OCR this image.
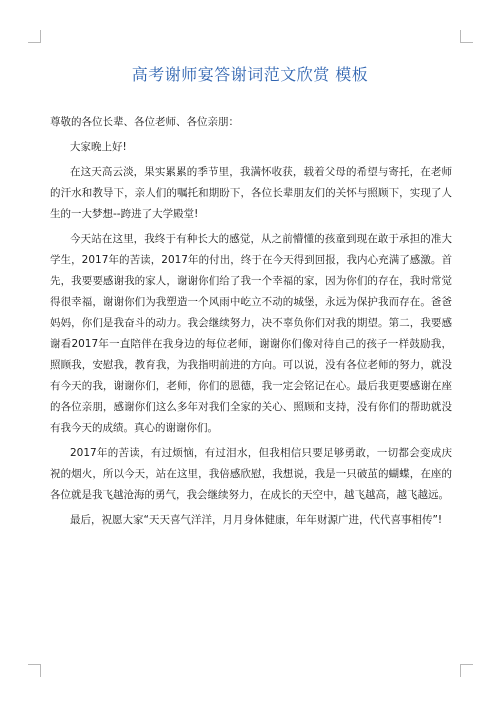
高考谢师宴答谢词范文欣赏 模板

尊敬的各位长辈、各位老师、各位亲朋：

大家晚上好!

在这天高云淡，果实累累的季节里，我满怀收获，载着父母的希望与寄托，在老师的汗水和教导下，亲人们的嘱托和期盼下，各位长辈朋友们的关怀与照顾下，实现了人生的一大梦想--跨进了大学殿堂!

今天站在这里，我终于有种长大的感觉，从之前懵懂的孩童到现在敢于承担的准大学生，2017年的苦读，2017年的付出，终于在今天得到回报，我内心充满了感激。首先，我要要感谢我的家人，谢谢你们给了我一个幸福的家，因为你们的存在，我时常觉得很幸福，谢谢你们为我塑造一个风雨中屹立不动的城堡，永远为保护我而存在。爸爸妈妈，你们是我奋斗的动力。我会继续努力，决不辜负你们对我的期望。第二，我要感谢看2017年一直陪伴在我身边的每位老师，谢谢你们像对待自己的孩子一样鼓励我，照顾我，安慰我，教育我，为我指明前进的方向。可以说，没有各位老师的努力，就没有今天的我，谢谢你们，老师，你们的恩德，我一定会铭记在心。最后我更要感谢在座的各位亲朋，感谢你们这么多年对我们全家的关心、照顾和支持，没有你们的帮助就没有我今天的成绩。真心的谢谢你们。

2017年的苦读，有过烦恼，有过泪水，但我相信只要足够勇敢，一切都会变成庆祝的烟火，所以今天，站在这里，我倍感欣慰，我想说，我是一只破茧的蝴蝶，在座的各位就是我飞越沧海的勇气，我会继续努力，在成长的天空中，越飞越高，越飞越远。

最后，祝愿大家“天天喜气洋洋，月月身体健康，年年财源广进，代代喜事相传”!
